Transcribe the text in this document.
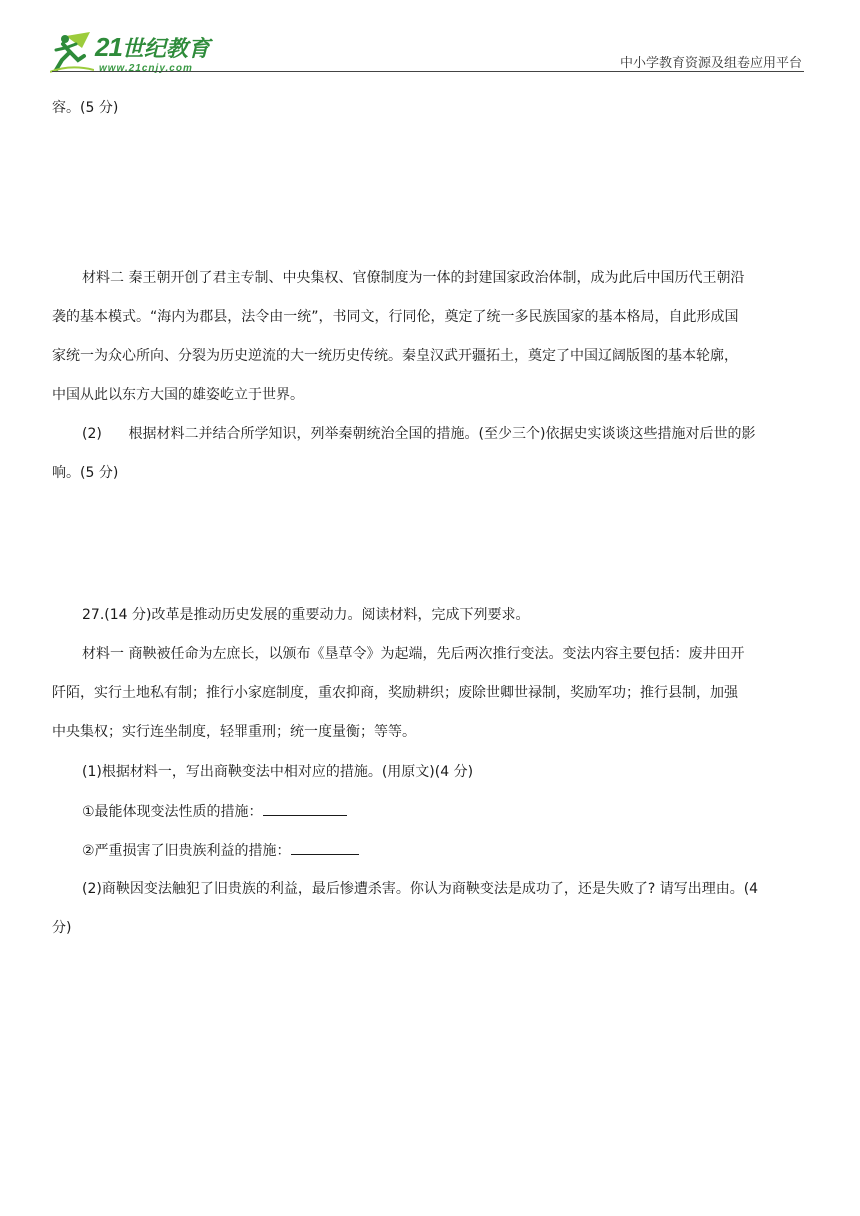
21世纪教育
www.21cnjy.com	中小学教育资源及组卷应用平台
容。(5 分)
材料二 秦王朝开创了君主专制、中央集权、官僚制度为一体的封建国家政治体制，成为此后中国历代王朝沿
袭的基本模式。“海内为郡县，法令由一统”，书同文，行同伦，奠定了统一多民族国家的基本格局，自此形成国
家统一为众心所向、分裂为历史逆流的大一统历史传统。秦皇汉武开疆拓土，奠定了中国辽阔版图的基本轮廓，
中国从此以东方大国的雄姿屹立于世界。
(2)      根据材料二并结合所学知识，列举秦朝统治全国的措施。(至少三个)依据史实谈谈这些措施对后世的影
响。(5 分)
27.(14 分)改革是推动历史发展的重要动力。阅读材料，完成下列要求。
材料一 商鞅被任命为左庶长，以颁布《垦草令》为起端，先后两次推行变法。变法内容主要包括：废井田开
阡陌，实行土地私有制；推行小家庭制度，重农抑商，奖励耕织；废除世卿世禄制，奖励军功；推行县制，加强
中央集权；实行连坐制度，轻罪重刑；统一度量衡；等等。
(1)根据材料一，写出商鞅变法中相对应的措施。(用原文)(4 分)
①最能体现变法性质的措施：
②严重损害了旧贵族利益的措施：
(2)商鞅因变法触犯了旧贵族的利益，最后惨遭杀害。你认为商鞅变法是成功了，还是失败了? 请写出理由。(4
分)
